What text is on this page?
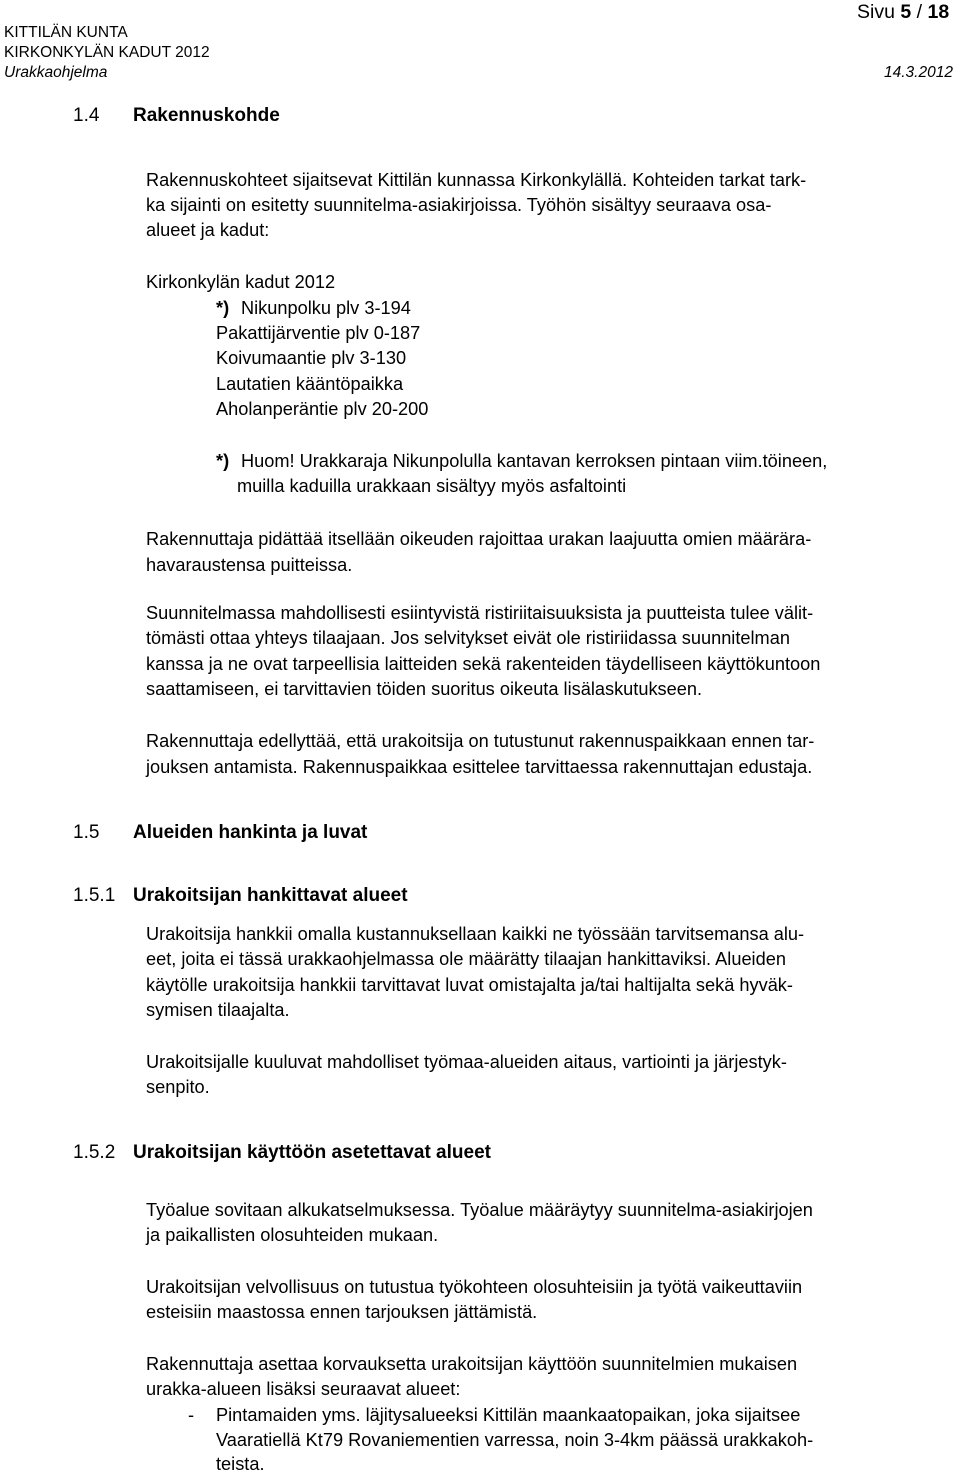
KITTILÄN KUNTA
KIRKONKYLÄN KADUT 2012
Urakkaohjelma	14.3.2012
Sivu 5 / 18
1.4 Rakennuskohde
Rakennuskohteet sijaitsevat Kittilän kunnassa Kirkonkylällä. Kohteiden tarkat tark-
ka sijainti on esitetty suunnitelma-asiakirjoissa. Työhön sisältyy seuraava osa-
alueet ja kadut:
Kirkonkylän kadut 2012
*) Nikunpolku plv 3-194
Pakattijärventie plv 0-187
Koivumaantie plv 3-130
Lautatien kääntöpaikka
Aholanperäntie plv 20-200
*) Huom! Urakkaraja Nikunpolulla kantavan kerroksen pintaan viim.töineen,
muilla kaduilla urakkaan sisältyy myös asfaltointi
Rakennuttaja pidättää itsellään oikeuden rajoittaa urakan laajuutta omien määrära-
havaraustensa puitteissa.
Suunnitelmassa mahdollisesti esiintyvistä ristiriitaisuuksista ja puutteista tulee välit-
tömästi ottaa yhteys tilaajaan. Jos selvitykset eivät ole ristiriidassa suunnitelman
kanssa ja ne ovat tarpeellisia laitteiden sekä rakenteiden täydelliseen käyttökuntoon
saattamiseen, ei tarvittavien töiden suoritus oikeuta lisälaskutukseen.
Rakennuttaja edellyttää, että urakoitsija on tutustunut rakennuspaikkaan ennen tar-
jouksen antamista. Rakennuspaikkaa esittelee tarvittaessa rakennuttajan edustaja.
1.5 Alueiden hankinta ja luvat
1.5.1 Urakoitsijan hankittavat alueet
Urakoitsija hankkii omalla kustannuksellaan kaikki ne työssään tarvitsemansa alu-
eet, joita ei tässä urakkaohjelmassa ole määrätty tilaajan hankittaviksi. Alueiden
käytölle urakoitsija hankkii tarvittavat luvat omistajalta ja/tai haltijalta sekä hyväk-
symisen tilaajalta.
Urakoitsijalle kuuluvat mahdolliset työmaa-alueiden aitaus, vartiointi ja järjestyk-
senpito.
1.5.2 Urakoitsijan käyttöön asetettavat alueet
Työalue sovitaan alkukatselmuksessa. Työalue määräytyy suunnitelma-asiakirjojen
ja paikallisten olosuhteiden mukaan.
Urakoitsijan velvollisuus on tutustua työkohteen olosuhteisiin ja työtä vaikeuttaviin
esteisiin maastossa ennen tarjouksen jättämistä.
Rakennuttaja asettaa korvauksetta urakoitsijan käyttöön suunnitelmien mukaisen
urakka-alueen lisäksi seuraavat alueet:
- Pintamaiden yms. läjitysalueeksi Kittilän maankaatopaikan, joka sijaitsee
Vaaratiellä Kt79 Rovaniementien varressa, noin 3-4km päässä urakkakoh-
teista.
